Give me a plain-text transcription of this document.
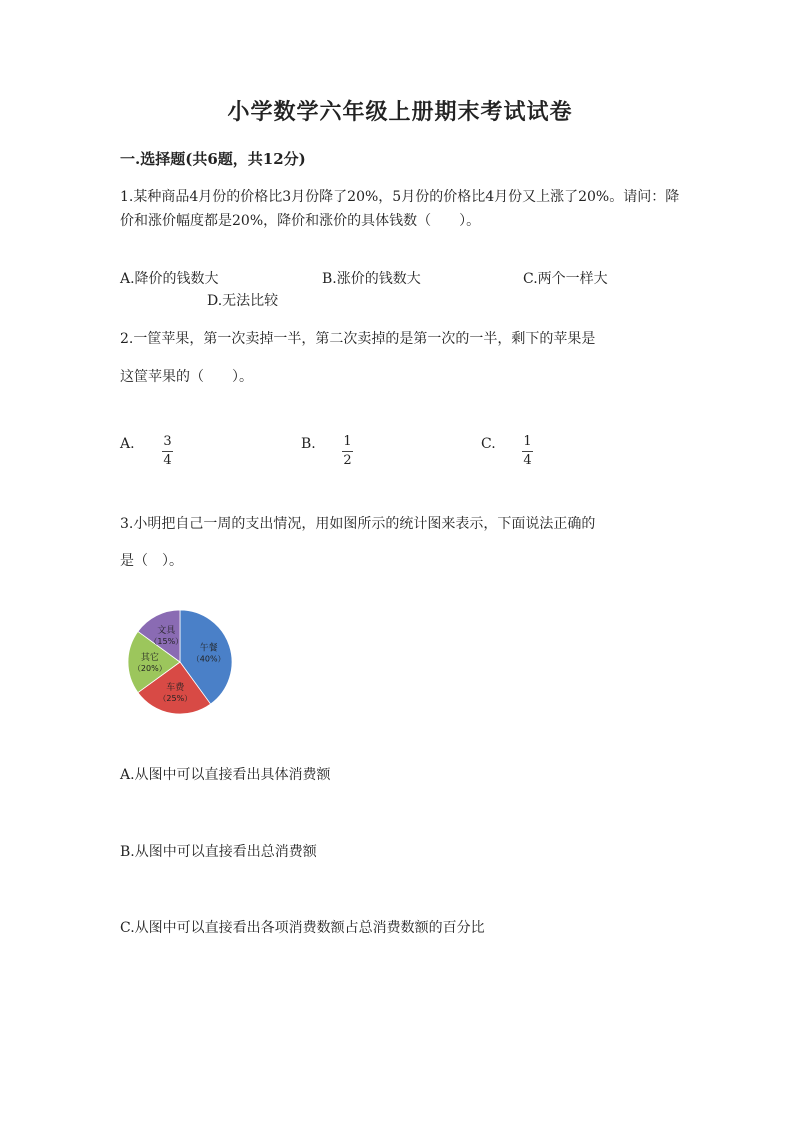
小学数学六年级上册期末考试试卷
一.选择题(共6题，共12分)
1.某种商品4月份的价格比3月份降了20%，5月份的价格比4月份又上涨了20%。请问：降价和涨价幅度都是20%，降价和涨价的具体钱数（　　）。
A.降价的钱数大	B.涨价的钱数大	C.两个一样大
D.无法比较
2.一筐苹果，第一次卖掉一半，第二次卖掉的是第一次的一半，剩下的苹果是
这筐苹果的（　　）。
A. $\frac{3}{4}$	B. $\frac{1}{2}$	C. $\frac{1}{4}$
3.小明把自己一周的支出情况，用如图所示的统计图来表示，下面说法正确的
是（　）。
午餐
（40%）
车费
（25%）
其它
（20%）
文具
（15%）
A.从图中可以直接看出具体消费额
B.从图中可以直接看出总消费额
C.从图中可以直接看出各项消费数额占总消费数额的百分比
